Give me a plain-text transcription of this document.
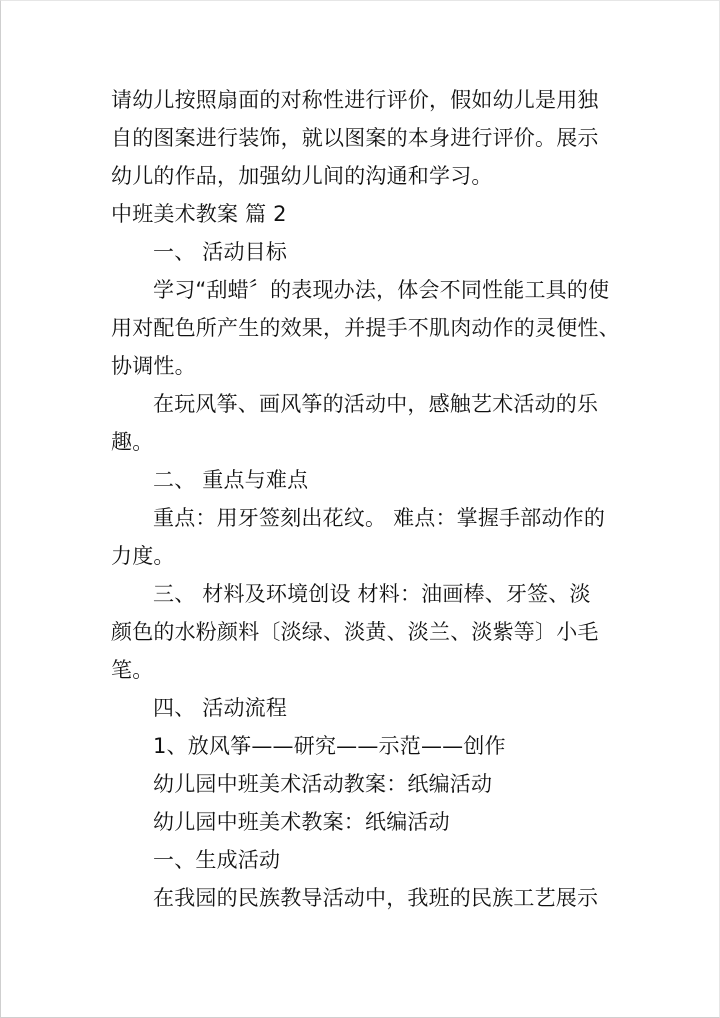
请幼儿按照扇面的对称性进行评价，假如幼儿是用独
自的图案进行装饰，就以图案的本身进行评价。展示
幼儿的作品，加强幼儿间的沟通和学习。
中班美术教案 篇 2
一、 活动目标
学习“刮蜡〞的表现办法，体会不同性能工具的使
用对配色所产生的效果，并提手不肌肉动作的灵便性、
协调性。
在玩风筝、画风筝的活动中，感触艺术活动的乐
趣。
二、 重点与难点
重点：用牙签刻出花纹。 难点：掌握手部动作的
力度。
三、 材料及环境创设 材料：油画棒、牙签、淡
颜色的水粉颜料〔淡绿、淡黄、淡兰、淡紫等〕小毛
笔。
四、 活动流程
1、放风筝——研究——示范——创作
幼儿园中班美术活动教案：纸编活动
幼儿园中班美术教案：纸编活动
一、生成活动
在我园的民族教导活动中，我班的民族工艺展示
